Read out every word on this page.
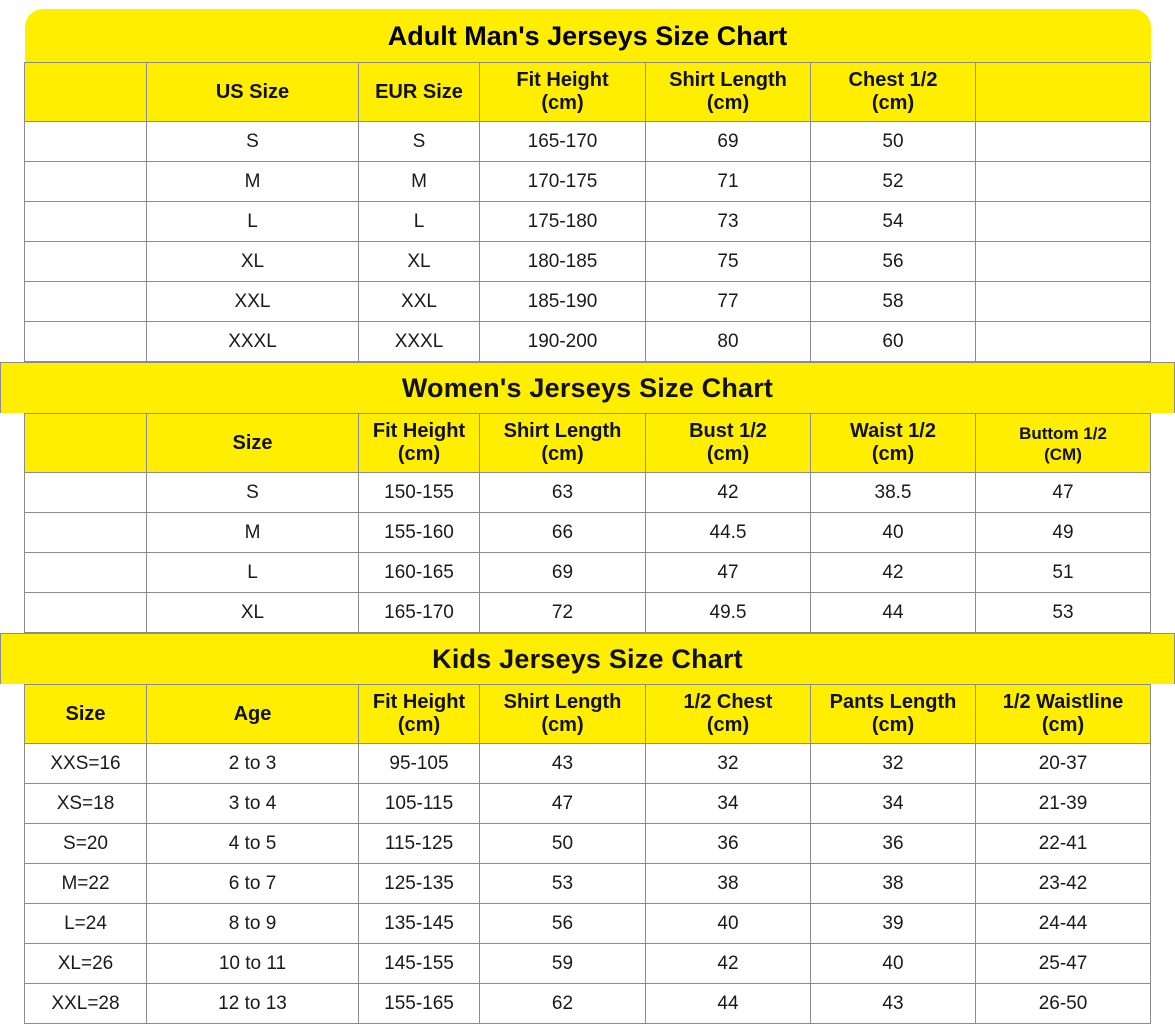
Adult Man's Jerseys Size Chart
	US Size	EUR Size	Fit Height
(cm)	Shirt Length
(cm)	Chest 1/2
(cm)	

	S	S	165-170	69	50	
	M	M	170-175	71	52	
	L	L	175-180	73	54	
	XL	XL	180-185	75	56	
	XXL	XXL	185-190	77	58	
	XXXL	XXXL	190-200	80	60	
Women's Jerseys Size Chart
	Size	Fit Height
(cm)	Shirt Length
(cm)	Bust 1/2
(cm)	Waist 1/2
(cm)	Buttom 1/2
(CM)

	S	150-155	63	42	38.5	47
	M	155-160	66	44.5	40	49
	L	160-165	69	47	42	51
	XL	165-170	72	49.5	44	53
Kids Jerseys Size Chart
Size	Age	Fit Height
(cm)	Shirt Length
(cm)	1/2 Chest
(cm)	Pants Length
(cm)	1/2 Waistline
(cm)

XXS=16	2 to 3	95-105	43	32	32	20-37
XS=18	3 to 4	105-115	47	34	34	21-39
S=20	4 to 5	115-125	50	36	36	22-41
M=22	6 to 7	125-135	53	38	38	23-42
L=24	8 to 9	135-145	56	40	39	24-44
XL=26	10 to 11	145-155	59	42	40	25-47
XXL=28	12 to 13	155-165	62	44	43	26-50
